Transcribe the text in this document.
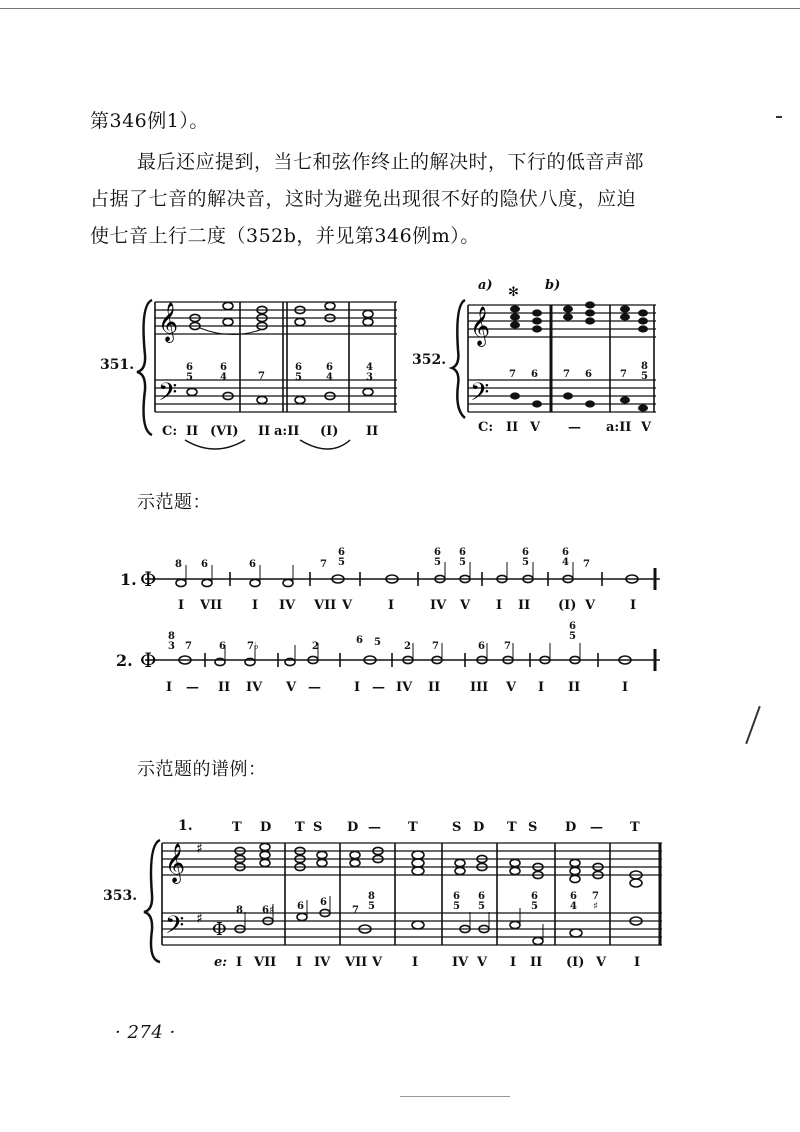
第346例1）。
最后还应提到，当七和弦作终止的解决时，下行的低音声部
占据了七音的解决音，这时为避免出现很不好的隐伏八度，应迫
使七音上行二度（352b，并见第346例m）。
351.
𝄞
𝄢
6
5
6
4	7
6
5
6
4
4
3
C: II (VI) II a:II (I) II
352.
a)	b)
✻
𝄞
𝄢
7 6	7 6	7
8
5
C: II V — a:II V
示范题：
1. Φ
8 6	6	7
6
5
6
5
6
5
6
5
6
4 7
I VII I IV VII V	I	IV V I II (I) V	I
2. Φ
8
3 7	6 7♭	2
6 5 2 7	6 7
6
5
I — II IV V —	I — IV II III V I II	I
示范题的谱例：
353.
1.	T D T S D — T	S D T S D — T
𝄞
𝄢
♯
♯ Φ
8 6♯ 6 6
7
8
5
6
5
6
5
6
5
6
4
7
♯
e: I VII I IV VII V I	IV V I II (I) V I
· 274 ·
